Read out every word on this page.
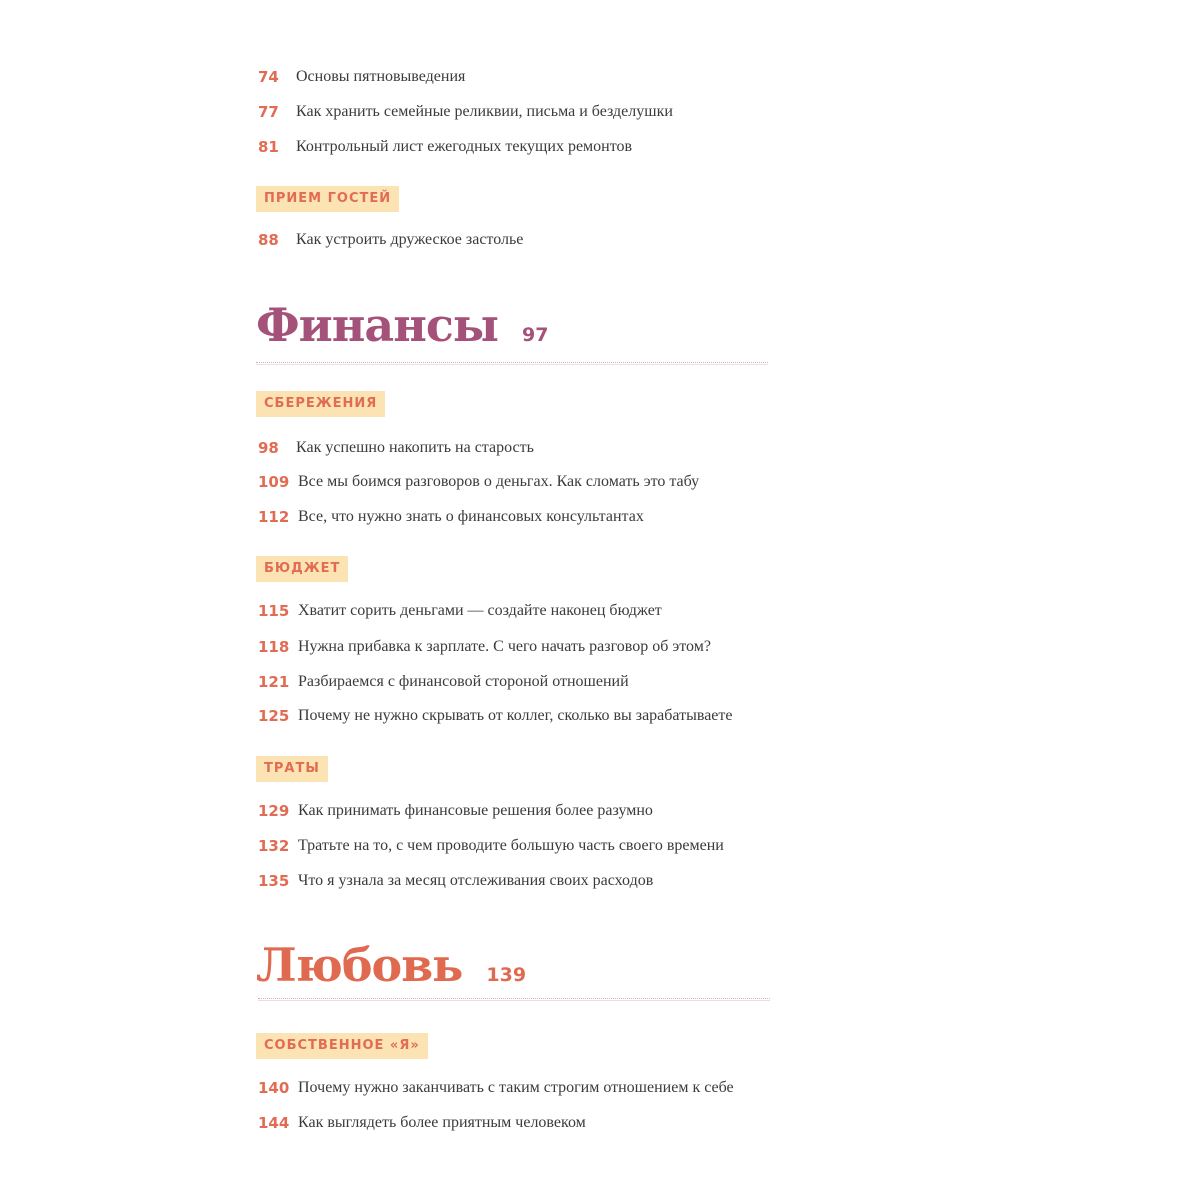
74	Основы пятновыведения
77	Как хранить семейные реликвии, письма и безделушки
81	Контрольный лист ежегодных текущих ремонтов
ПРИЕМ ГОСТЕЙ
88	Как устроить дружеское застолье
Финансы 97
СБЕРЕЖЕНИЯ
98	Как успешно накопить на старость
109 Все мы боимся разговоров о деньгах. Как сломать это табу
112 Все, что нужно знать о финансовых консультантах
БЮДЖЕТ
115 Хватит сорить деньгами — создайте наконец бюджет
118 Нужна прибавка к зарплате. С чего начать разговор об этом?
121 Разбираемся с финансовой стороной отношений
125 Почему не нужно скрывать от коллег, сколько вы зарабатываете
ТРАТЫ
129 Как принимать финансовые решения более разумно
132 Тратьте на то, с чем проводите большую часть своего времени
135 Что я узнала за месяц отслеживания своих расходов
Любовь 139
СОБСТВЕННОЕ «Я»
140 Почему нужно заканчивать с таким строгим отношением к себе
144 Как выглядеть более приятным человеком
